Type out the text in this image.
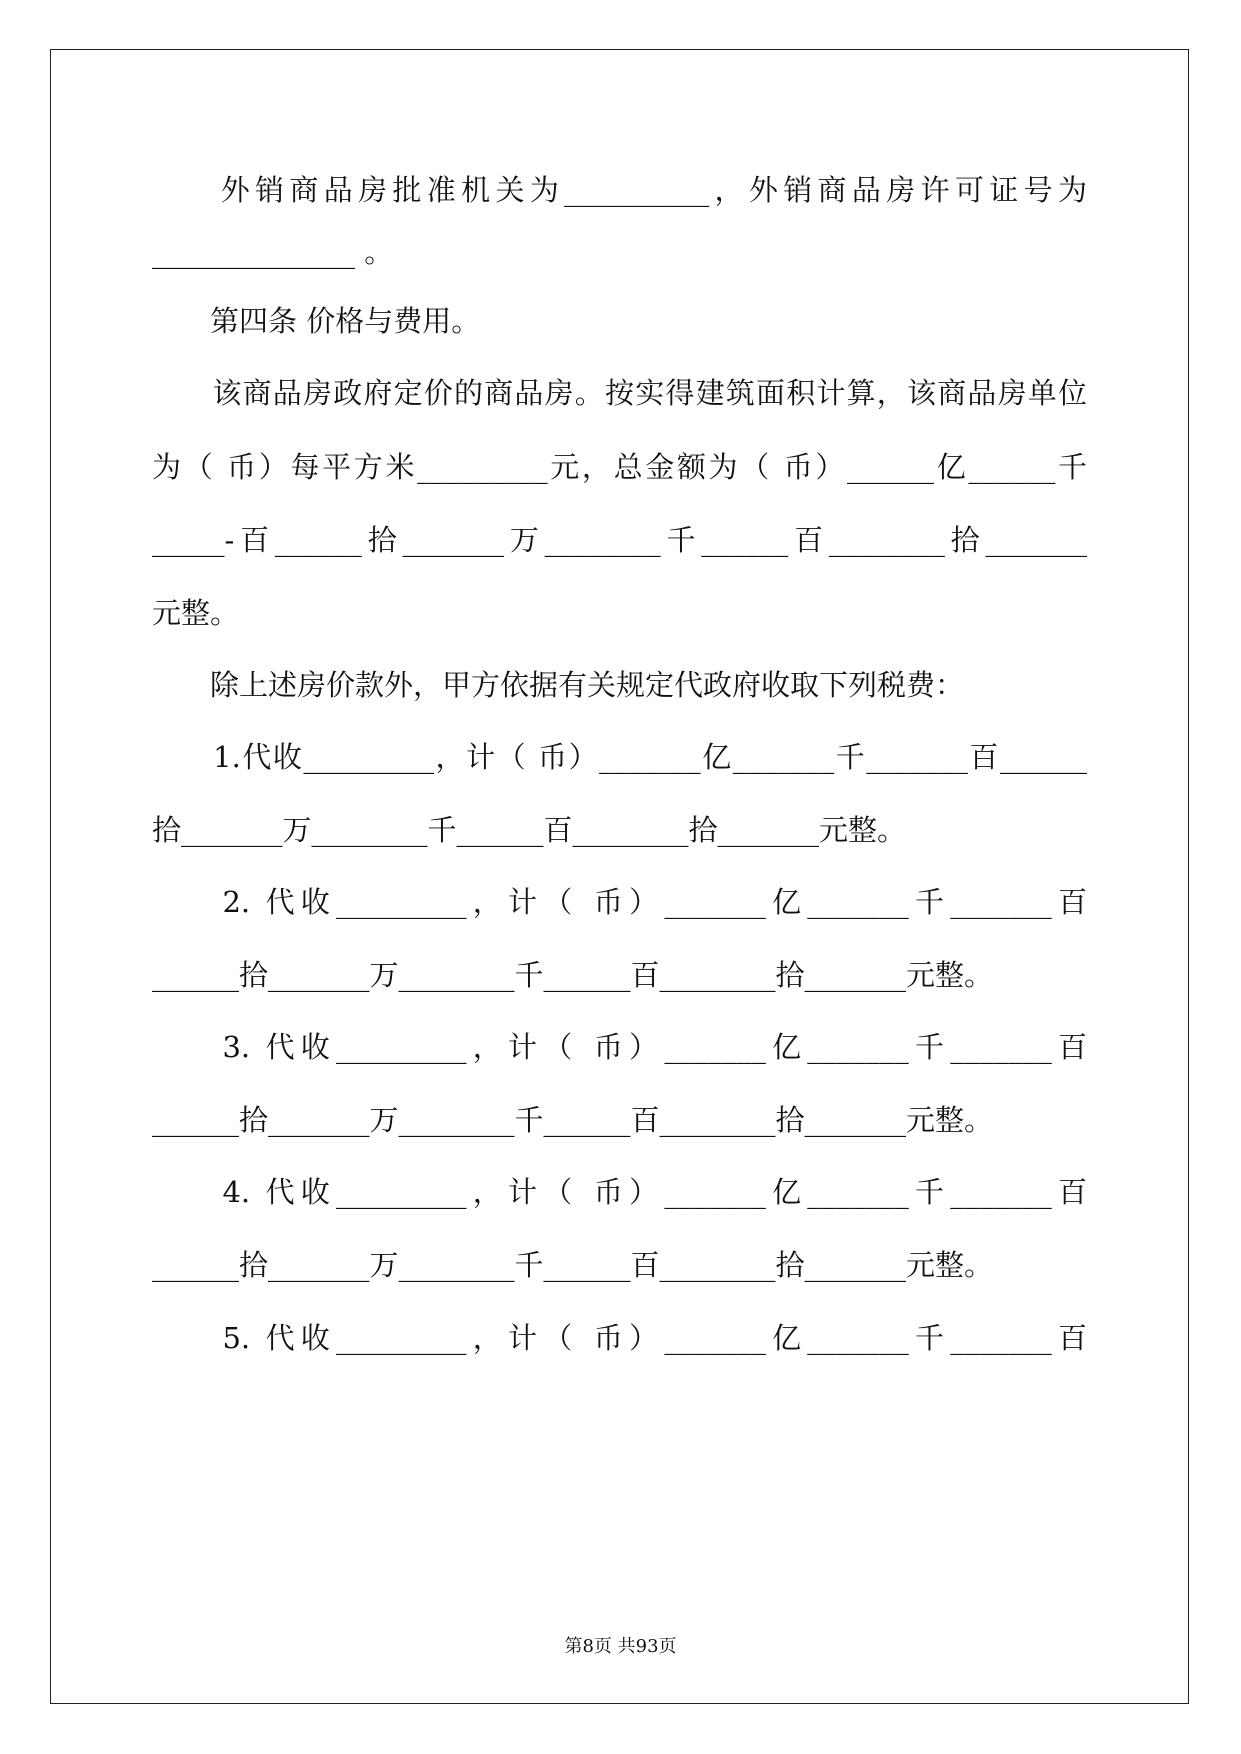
　　外销商品房批准机关为__________，外销商品房许可证号为

______________ 。

　　第四条 价格与费用。

　　该商品房政府定价的商品房。按实得建筑面积计算，该商品房单位

为（ 币）每平方米_________元，总金额为（ 币）______亿______千

_____-百______拾_______万________千______百________拾_______

元整。

　　除上述房价款外，甲方依据有关规定代政府收取下列税费：

　　1.代收_________，计（ 币）_______亿_______千_______百______

拾_______万________千______百________拾_______元整。

　　2. 代收_________，计（ 币）_______亿_______千_______百

______拾_______万________千______百________拾_______元整。

　　3. 代收_________，计（ 币）_______亿_______千_______百

______拾_______万________千______百________拾_______元整。

　　4. 代收_________，计（ 币）_______亿_______千_______百

______拾_______万________千______百________拾_______元整。

　　5. 代收_________，计（ 币）_______亿_______千_______百

第8页 共93页
